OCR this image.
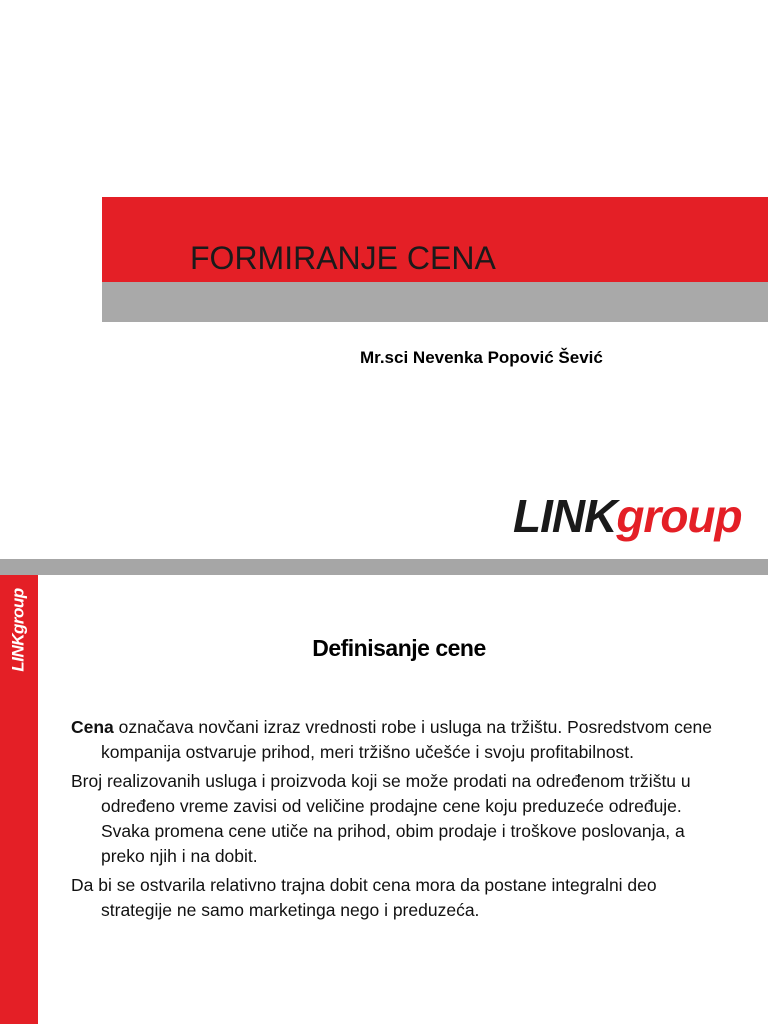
FORMIRANJE CENA
Mr.sci Nevenka Popović Šević
LINKgroup
LINKgroup
Definisanje cene

Cena označava novčani izraz vrednosti robe i usluga na tržištu. Posredstvom cene kompanija ostvaruje prihod, meri tržišno učešće i svoju profitabilnost.

Broj realizovanih usluga i proizvoda koji se može prodati na određenom tržištu u određeno vreme zavisi od veličine prodajne cene koju preduzeće određuje. Svaka promena cene utiče na prihod, obim prodaje i troškove poslovanja, a preko njih i na dobit.

Da bi se ostvarila relativno trajna dobit cena mora da postane integralni deo strategije ne samo marketinga nego i preduzeća.
